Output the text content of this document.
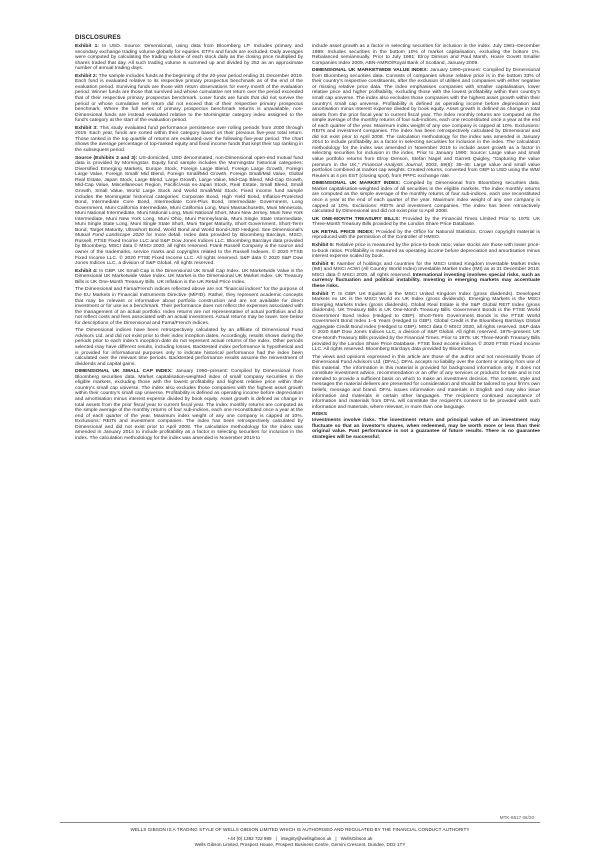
DISCLOSURES

Exhibit 1: In USD. Source: Dimensional, using data from Bloomberg LP. Includes primary and secondary exchange trading volume globally for equities. ETFs and funds are excluded. Daily averages were computed by calculating the trading volume of each stock daily as the closing price multiplied by shares traded that day. All such trading volume is summed up and divided by 252 as an approximate number of annual trading days.

Exhibit 2: The sample includes funds at the beginning of the 20-year period ending 31 December 2019. Each fund is evaluated relative to its respective primary prospectus benchmark as of the end of the evaluation period. Surviving funds are those with return observations for every month of the evaluation period. Winner funds are those that survived and whose cumulative net return over the period exceeded that of their respective primary prospectus benchmark. Loser funds are funds that did not survive the period or whose cumulative net return did not exceed that of their respective primary prospectus benchmark. Where the full series of primary prospectus benchmark returns is unavailable, non-Dimensional funds are instead evaluated relative to the Morningstar category index assigned to the fund’s category at the start of the evaluation period.

Exhibit 3: This study evaluated fund performance persistence over rolling periods from 2000 through 2019. Each year, funds are sorted within their category based on their previous five-year total return. Those ranked in the top quartile of returns are evaluated over the following five-year period. The chart shows the average percentage of top-ranked equity and fixed income funds that kept their top ranking in the subsequent period.

Source (Exhibits 2 and 3): US-domiciled, USD denominated, non-Dimensional open-end mutual fund data is provided by Morningstar. Equity fund sample includes the Morningstar historical categories: Diversified Emerging Markets, Europe Stock, Foreign Large Blend, Foreign Large Growth, Foreign Large Value, Foreign Small/ Mid Blend, Foreign Small/Mid Growth, Foreign Small/Mid Value, Global Real Estate, Japan Stock, Large Blend, Large Growth, Large Value, Mid-Cap Blend, Mid-Cap Growth, Mid-Cap Value, Miscellaneous Region, Pacific/Asia ex-Japan Stock, Real Estate, Small Blend, Small Growth, Small Value, World Large Stock and World Small/Mid Stock. Fixed income fund sample includes the Morningstar historical categories: Corporate Bond, High Yield Bond, Inflation-Protected Bond, Intermediate Core Bond, Intermediate Core-Plus Bond, Intermediate Government, Long Government, Muni California Intermediate, Muni California Long, Muni Massachusetts, Muni Minnesota, Muni National Intermediate, Muni National Long, Muni National Short, Muni New Jersey, Muni New York Intermediate, Muni New York Long, Muni Ohio, Muni Pennsylvania, Muni Single State Intermediate, Muni Single State Long, Muni Single State Short, Muni Target Maturity, Short Government, Short-Term Bond, Target Maturity, Ultrashort Bond, World Bond and World Bond-USD Hedged. See Dimensional’s Mutual Fund Landscape 2020 for more detail. Index data provided by Bloomberg Barclays, MSCI, Russell, FTSE Fixed Income LLC and S&P Dow Jones Indices LLC. Bloomberg Barclays data provided by Bloomberg. MSCI data © MSCI 2020, all rights reserved. Frank Russell Company is the source and owner of the trademarks, service marks and copyrights related to the Russell Indexes. © 2020 FTSE Fixed Income LLC. © 2020 FTSE Fixed Income LLC. All rights reserved. S&P data © 2020 S&P Dow Jones Indices LLC, a division of S&P Global. All rights reserved.

Exhibit 4: In GBP. UK Small Cap is the Dimensional UK Small Cap Index. UK Marketwide Value is the Dimensional UK Marketwide Value Index. UK Market is the Dimensional UK Market Index. UK Treasury Bills is UK One-Month Treasury Bills. UK Inflation is the UK Retail Price Index.

The Dimensional and Fama/French indices reflected above are not “financial indices” for the purpose of the EU Markets in Financial Instruments Directive (MiFID). Rather, they represent academic concepts that may be relevant or informative about portfolio construction and are not available for direct investment or for use as a benchmark. Their performance does not reflect the expenses associated with the management of an actual portfolio. Index returns are not representative of actual portfolios and do not reflect costs and fees associated with an actual investment. Actual returns may be lower. See below for descriptions of the Dimensional and Fama/French indices.

The Dimensional indices have been retrospectively calculated by an affiliate of Dimensional Fund Advisors Ltd. and did not exist prior to their index inception dates. Accordingly, results shown during the periods prior to each index’s inception date do not represent actual returns of the index. Other periods selected may have different results, including losses. Backtested index performance is hypothetical and is provided for informational purposes only to indicate historical performance had the index been calculated over the relevant time periods. Backtested performance results assume the reinvestment of dividends and capital gains.

DIMENSIONAL UK SMALL CAP INDEX: January 1990–present: Compiled by Dimensional from Bloomberg securities data. Market capitalisation-weighted index of small company securities in the eligible markets, excluding those with the lowest profitability and highest relative price within their country’s small cap universe. The index also excludes those companies with the highest asset growth within their country’s small cap universe. Profitability is defined as operating income before depreciation and amortisation minus interest expense divided by book equity. Asset growth is defined as change in total assets from the prior fiscal year to current fiscal year. The index monthly returns are computed as the simple average of the monthly returns of four sub-indices, each one reconstituted once a year at the end of each quarter of the year. Maximum index weight of any one company is capped at 10%. Exclusions: REITs and investment companies. The index has been retrospectively calculated by Dimensional and did not exist prior to April 2008. The calculation methodology for the index was amended in January 2014 to include profitability as a factor in selecting securities for inclusion in the index. The calculation methodology for the index was amended in November 2019 to

include asset growth as a factor in selecting securities for inclusion in the index. July 1981–December 1989: Includes securities in the bottom 10% of market capitalisation, excluding the bottom 1%. Rebalanced semiannually. Prior to July 1981: Elroy Dimson and Paul Marsh, Hoare Govett Smaller Companies Index 2009, ABN-AMRO/Royal Bank of Scotland, January 2009.

DIMENSIONAL UK MARKETWIDE VALUE INDEX: January 1990–present: Compiled by Dimensional from Bloomberg securities data. Consists of companies whose relative price is in the bottom 33% of their country’s respective constituents, after the exclusion of utilities and companies with either negative or missing relative price data. The index emphasises companies with smaller capitalisation, lower relative price and higher profitability, excluding those with the lowest profitability within their country’s small cap universe. The index also excludes those companies with the highest asset growth within their country’s small cap universe. Profitability is defined as operating income before depreciation and amortisation minus interest expense divided by book equity. Asset growth is defined as change in total assets from the prior fiscal year to current fiscal year. The index monthly returns are computed as the simple average of the monthly returns of four sub-indices, each one reconstituted once a year at the end of each quarter of the year. Maximum index weight of any one company is capped at 10%. Exclusions: REITs and investment companies. The index has been retrospectively calculated by Dimensional and did not exist prior to April 2008. The calculation methodology for the index was amended in January 2014 to include profitability as a factor in selecting securities for inclusion in the index. The calculation methodology for the index was amended in November 2019 to include asset growth as a factor in selecting securities for inclusion in the index. Prior to January 1990: Source: Large value and small value portfolio returns from Elroy Dimson, Stefan Nagel and Garrett Quigley, “Capturing the value premium in the UK,” Financial Analysts Journal, 2003, 59(6): 35–45: Large value and small value portfolios combined at market cap weights. Created returns, converted from GBP to USD using the WM/ Reuters at 4 pm EST (closing spot), from PPPC exchange rate.

DIMENSIONAL UK MARKET INDEX: Compiled by Dimensional from Bloomberg securities data. Market capitalisation-weighted index of all securities in the eligible markets. The index monthly returns are computed as the simple average of the monthly returns of four sub-indices, each one reconstituted once a year at the end of each quarter of the year. Maximum index weight of any one company is capped at 10%. Exclusions: REITs and investment companies. The index has been retroactively calculated by Dimensional and did not exist prior to April 2008.

UK ONE-MONTH TREASURY BILLS: Provided by the Financial Times Limited Prior to 1975: UK Three-Month Treasury Bills provided by the London Share Price Database.

UK RETAIL PRICE INDEX: Provided by the Office for National Statistics. Crown copyright material is reproduced with the permission of the Controller of HMSO.

Exhibit 5: Relative price is measured by the price-to-book ratio; value stocks are those with lower price-to-book ratios. Profitability is measured as operating income before depreciation and amortisation minus interest expense scaled by book.

Exhibit 6: Number of holdings and countries for the MSCI United Kingdom Investable Market Index (IMI) and MSCI ACWI (All Country World Index) Investable Market Index (IMI) as at 31 December 2019. MSCI data © MSCI 2020, all rights reserved. International investing involves special risks, such as currency fluctuation and political instability. Investing in emerging markets may accentuate these risks.

Exhibit 7: In GBP. UK Equities is the MSCI United Kingdom Index (gross dividends). Developed Markets ex UK is the MSCI World ex UK Index (gross dividends). Emerging Markets is the MSCI Emerging Markets Index (gross dividends). Global Real Estate is the S&P Global REIT Index (gross dividends). UK Treasury Bills is UK One-Month Treasury Bills. Government Bonds is the FTSE World Government Bond Index (Hedged to GBP). Short-Term Government Bonds is the FTSE World Government Bond Index 1–5 Years (Hedged to GBP). Global Credit is the Bloomberg Barclays Global Aggregate Credit Bond Index (Hedged to GBP). MSCI data © MSCI 2020, all rights reserved. S&P data © 2020 S&P Dow Jones Indices LLC, a division of S&P Global. All rights reserved. 1975–present: UK One-Month Treasury Bills provided by the Financial Times. Prior to 1975: UK Three-Month Treasury Bills provided by the London Share Price Database. FTSE fixed income indices © 2020 FTSE Fixed Income LLC. All rights reserved. Bloomberg Barclays data provided by Bloomberg.

The views and opinions expressed in this article are those of the author and not necessarily those of Dimensional Fund Advisors Ltd. (DFAL). DFAL accepts no liability over the content or arising from use of this material. The information in this material is provided for background information only. It does not constitute investment advice, recommendation or an offer of any services or products for sale and is not intended to provide a sufficient basis on which to make an investment decision. The content, style and messages the material delivers are presented for consideration and should be tailored to your firm’s own beliefs, message and brand. DFAL issues information and materials in English and may also issue information and materials in certain other languages. The recipient’s continued acceptance of information and materials from DFAL will constitute the recipient’s consent to be provided with such information and materials, where relevant, in more than one language.

RISKS

Investments involve risks. The investment return and principal value of an investment may fluctuate so that an investor’s shares, when redeemed, may be worth more or less than their original value. Past performance is not a guarantee of future results. There is no guarantee strategies will be successful.

MTK-8517 06/20
WELLS GIBSON IS A TRADING STYLE OF WELLS GIBSON LIMITED WHICH IS AUTHORISED AND REGULATED BY THE FINANCIAL CONDUCT AUTHORITY
+44 (0) 1382 722 989 | integrity@wellsgibson.uk | WellsGibson.uk
Wells Gibson Limited, Prospect House, Prospect Business Centre, Gemini Crescent, Dundee, DD2 1TY
